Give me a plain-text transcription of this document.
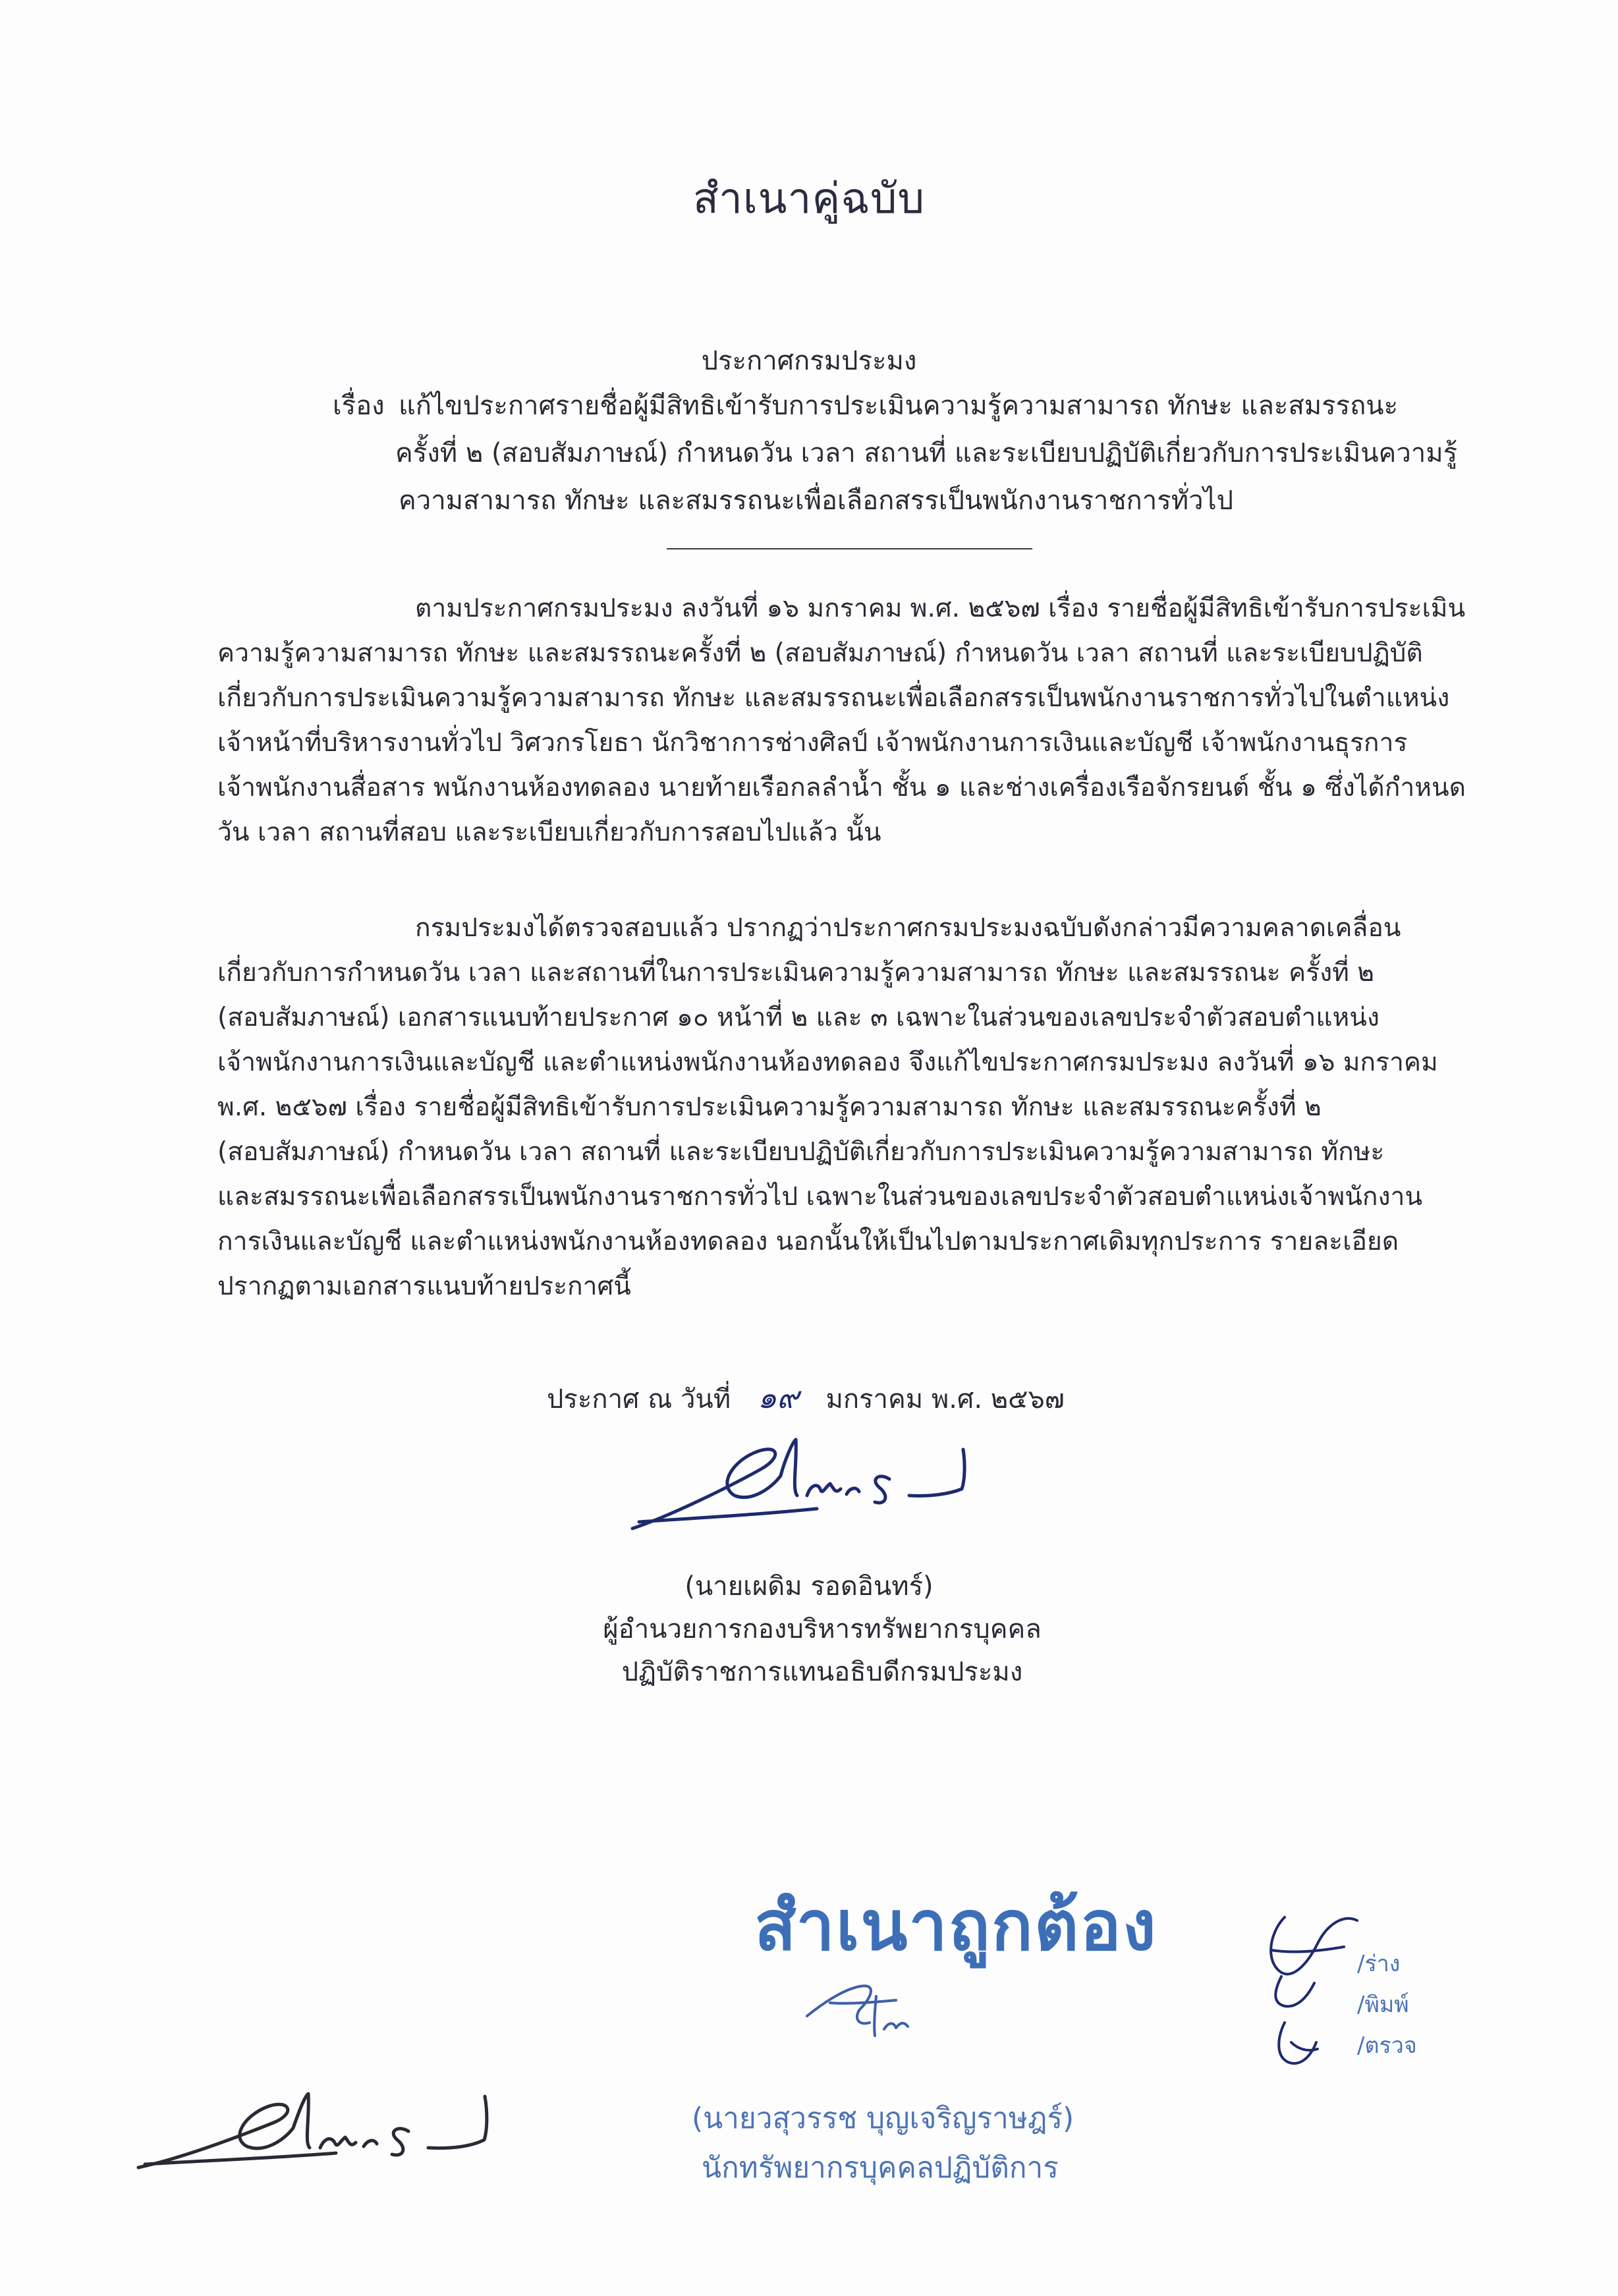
สำเนาคู่ฉบับ
ประกาศกรมประมง
เรื่อง แก้ไขประกาศรายชื่อผู้มีสิทธิเข้ารับการประเมินความรู้ความสามารถ ทักษะ และสมรรถนะ
ครั้งที่ ๒ (สอบสัมภาษณ์) กำหนดวัน เวลา สถานที่ และระเบียบปฏิบัติเกี่ยวกับการประเมินความรู้
ความสามารถ ทักษะ และสมรรถนะเพื่อเลือกสรรเป็นพนักงานราชการทั่วไป
ตามประกาศกรมประมง ลงวันที่ ๑๖ มกราคม พ.ศ. ๒๕๖๗ เรื่อง รายชื่อผู้มีสิทธิเข้ารับการประเมิน
ความรู้ความสามารถ ทักษะ และสมรรถนะครั้งที่ ๒ (สอบสัมภาษณ์) กำหนดวัน เวลา สถานที่ และระเบียบปฏิบัติ
เกี่ยวกับการประเมินความรู้ความสามารถ ทักษะ และสมรรถนะเพื่อเลือกสรรเป็นพนักงานราชการทั่วไปในตำแหน่ง
เจ้าหน้าที่บริหารงานทั่วไป วิศวกรโยธา นักวิชาการช่างศิลป์ เจ้าพนักงานการเงินและบัญชี เจ้าพนักงานธุรการ
เจ้าพนักงานสื่อสาร พนักงานห้องทดลอง นายท้ายเรือกลลำน้ำ ชั้น ๑ และช่างเครื่องเรือจักรยนต์ ชั้น ๑ ซึ่งได้กำหนด
วัน เวลา สถานที่สอบ และระเบียบเกี่ยวกับการสอบไปแล้ว นั้น
กรมประมงได้ตรวจสอบแล้ว ปรากฏว่าประกาศกรมประมงฉบับดังกล่าวมีความคลาดเคลื่อน
เกี่ยวกับการกำหนดวัน เวลา และสถานที่ในการประเมินความรู้ความสามารถ ทักษะ และสมรรถนะ ครั้งที่ ๒
(สอบสัมภาษณ์) เอกสารแนบท้ายประกาศ ๑๐ หน้าที่ ๒ และ ๓ เฉพาะในส่วนของเลขประจำตัวสอบตำแหน่ง
เจ้าพนักงานการเงินและบัญชี และตำแหน่งพนักงานห้องทดลอง จึงแก้ไขประกาศกรมประมง ลงวันที่ ๑๖ มกราคม
พ.ศ. ๒๕๖๗ เรื่อง รายชื่อผู้มีสิทธิเข้ารับการประเมินความรู้ความสามารถ ทักษะ และสมรรถนะครั้งที่ ๒
(สอบสัมภาษณ์) กำหนดวัน เวลา สถานที่ และระเบียบปฏิบัติเกี่ยวกับการประเมินความรู้ความสามารถ ทักษะ
และสมรรถนะเพื่อเลือกสรรเป็นพนักงานราชการทั่วไป เฉพาะในส่วนของเลขประจำตัวสอบตำแหน่งเจ้าพนักงาน
การเงินและบัญชี และตำแหน่งพนักงานห้องทดลอง นอกนั้นให้เป็นไปตามประกาศเดิมทุกประการ รายละเอียด
ปรากฏตามเอกสารแนบท้ายประกาศนี้
ประกาศ ณ วันที่ ๑๙ มกราคม พ.ศ. ๒๕๖๗
(นายเผดิม รอดอินทร์)
ผู้อำนวยการกองบริหารทรัพยากรบุคคล
ปฏิบัติราชการแทนอธิบดีกรมประมง
สำเนาถูกต้อง
(นายวสุวรรช บุญเจริญราษฎร์)
นักทรัพยากรบุคคลปฏิบัติการ
/ร่าง
/พิมพ์
/ตรวจ
